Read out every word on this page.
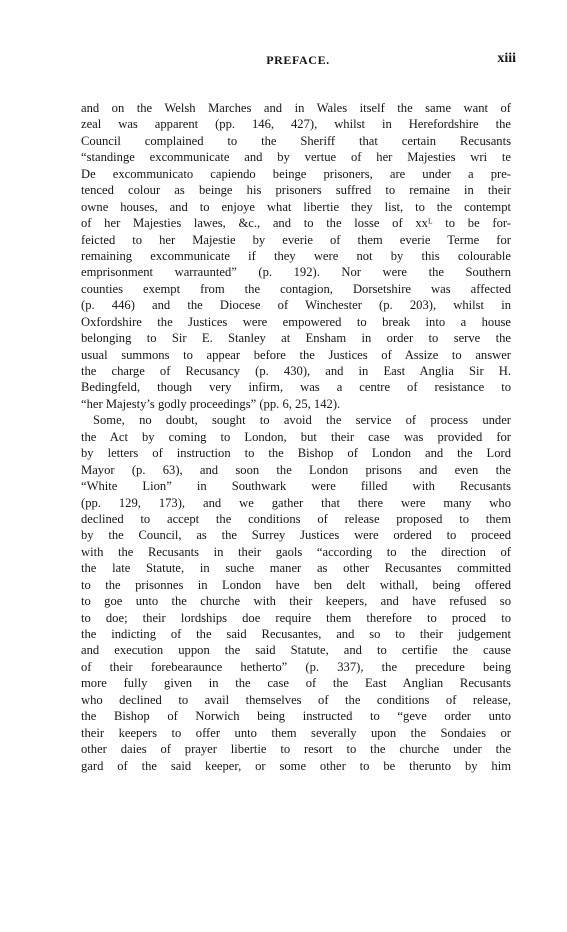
PREFACE.	xiii
and on the Welsh Marches and in Wales itself the same want of
zeal was apparent (pp. 146, 427), whilst in Herefordshire the
Council complained to the Sheriff that certain Recusants
“standinge excommunicate and by vertue of her Majesties wri te
De excommunicato capiendo beinge prisoners, are under a pre-
tenced colour as beinge his prisoners suffred to remaine in their
owne houses, and to enjoye what libertie they list, to the contempt
of her Majesties lawes, &c., and to the losse of xxᴸ to be for-
feicted to her Majestie by everie of them everie Terme for
remaining excommunicate if they were not by this colourable
emprisonment warraunted” (p. 192). Nor were the Southern
counties exempt from the contagion, Dorsetshire was affected
(p. 446) and the Diocese of Winchester (p. 203), whilst in
Oxfordshire the Justices were empowered to break into a house
belonging to Sir E. Stanley at Ensham in order to serve the
usual summons to appear before the Justices of Assize to answer
the charge of Recusancy (p. 430), and in East Anglia Sir H.
Bedingfeld, though very infirm, was a centre of resistance to
“her Majesty’s godly proceedings” (pp. 6, 25, 142).
Some, no doubt, sought to avoid the service of process under
the Act by coming to London, but their case was provided for
by letters of instruction to the Bishop of London and the Lord
Mayor (p. 63), and soon the London prisons and even the
“White Lion” in Southwark were filled with Recusants
(pp. 129, 173), and we gather that there were many who
declined to accept the conditions of release proposed to them
by the Council, as the Surrey Justices were ordered to proceed
with the Recusants in their gaols “according to the direction of
the late Statute, in suche maner as other Recusantes committed
to the prisonnes in London have ben delt withall, being offered
to goe unto the churche with their keepers, and have refused so
to doe; their lordships doe require them therefore to proced to
the indicting of the said Recusantes, and so to their judgement
and execution uppon the said Statute, and to certifie the cause
of their forebearaunce hetherto” (p. 337), the precedure being
more fully given in the case of the East Anglian Recusants
who declined to avail themselves of the conditions of release,
the Bishop of Norwich being instructed to “geve order unto
their keepers to offer unto them severally upon the Sondaies or
other daies of prayer libertie to resort to the churche under the
gard of the said keeper, or some other to be therunto by him
